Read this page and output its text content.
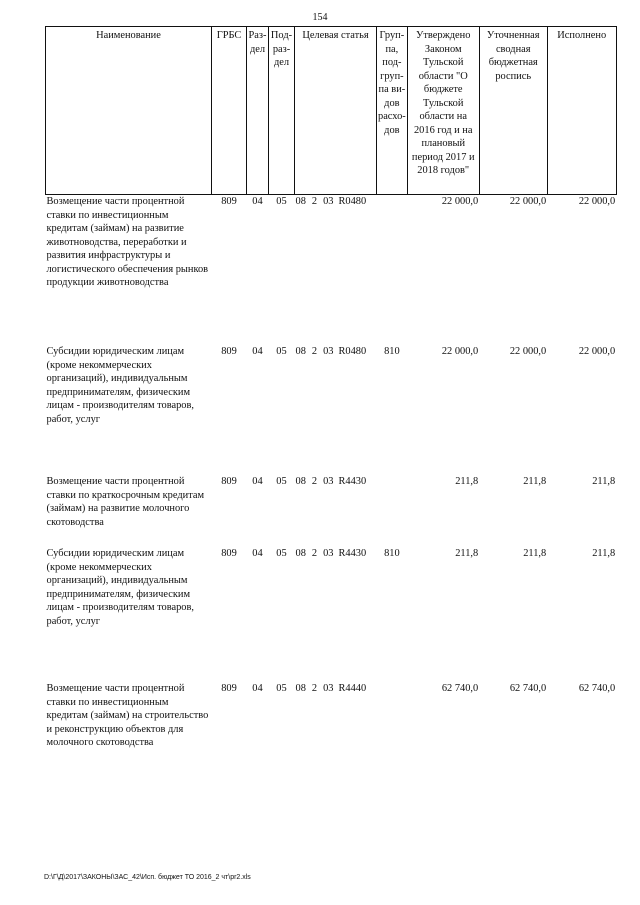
154
Наименование	ГРБС	Раз-дел	Под-раз-дел	Целевая статья	Груп-па, под-груп-па ви-дов расхо-дов	Утверждено Законом Тульской области "О бюджете Тульской области на 2016 год и на плановый период 2017 и 2018 годов"	Уточненная сводная бюджетная роспись	Исполнено
Возмещение части процентной ставки по инвестиционным кредитам (займам) на развитие животноводства, переработки и развития инфраструктуры и логистического обеспечения рынков продукции животноводства	809	04	05	08 2 03 R0480		22 000,0	22 000,0	22 000,0
Субсидии юридическим лицам (кроме некоммерческих организаций), индивидуальным предпринимателям, физическим лицам - производителям товаров, работ, услуг	809	04	05	08 2 03 R0480	810	22 000,0	22 000,0	22 000,0
Возмещение части процентной ставки по краткосрочным кредитам (займам) на развитие молочного скотоводства	809	04	05	08 2 03 R4430		211,8	211,8	211,8
Субсидии юридическим лицам (кроме некоммерческих организаций), индивидуальным предпринимателям, физическим лицам - производителям товаров, работ, услуг	809	04	05	08 2 03 R4430	810	211,8	211,8	211,8
Возмещение части процентной ставки по инвестиционным кредитам (займам) на строительство и реконструкцию объектов для молочного скотоводства	809	04	05	08 2 03 R4440		62 740,0	62 740,0	62 740,0
D:\Г\Д\2017\ЗАКОНЫ\ЗАС_42\Исп. бюджет ТО 2016_2 чт\pr2.xls
